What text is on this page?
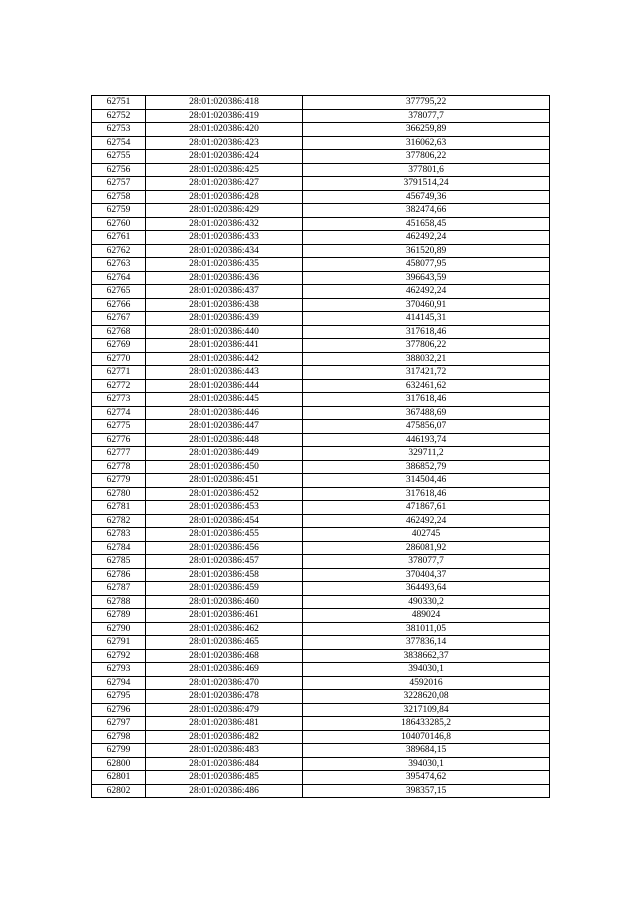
62751	28:01:020386:418	377795,22
62752	28:01:020386:419	378077,7
62753	28:01:020386:420	366259,89
62754	28:01:020386:423	316062,63
62755	28:01:020386:424	377806,22
62756	28:01:020386:425	377801,6
62757	28:01:020386:427	3791514,24
62758	28:01:020386:428	456749,36
62759	28:01:020386:429	382474,66
62760	28:01:020386:432	451658,45
62761	28:01:020386:433	462492,24
62762	28:01:020386:434	361520,89
62763	28:01:020386:435	458077,95
62764	28:01:020386:436	396643,59
62765	28:01:020386:437	462492,24
62766	28:01:020386:438	370460,91
62767	28:01:020386:439	414145,31
62768	28:01:020386:440	317618,46
62769	28:01:020386:441	377806,22
62770	28:01:020386:442	388032,21
62771	28:01:020386:443	317421,72
62772	28:01:020386:444	632461,62
62773	28:01:020386:445	317618,46
62774	28:01:020386:446	367488,69
62775	28:01:020386:447	475856,07
62776	28:01:020386:448	446193,74
62777	28:01:020386:449	329711,2
62778	28:01:020386:450	386852,79
62779	28:01:020386:451	314504,46
62780	28:01:020386:452	317618,46
62781	28:01:020386:453	471867,61
62782	28:01:020386:454	462492,24
62783	28:01:020386:455	402745
62784	28:01:020386:456	286081,92
62785	28:01:020386:457	378077,7
62786	28:01:020386:458	370404,37
62787	28:01:020386:459	364493,64
62788	28:01:020386:460	490330,2
62789	28:01:020386:461	489024
62790	28:01:020386:462	381011,05
62791	28:01:020386:465	377836,14
62792	28:01:020386:468	3838662,37
62793	28:01:020386:469	394030,1
62794	28:01:020386:470	4592016
62795	28:01:020386:478	3228620,08
62796	28:01:020386:479	3217109,84
62797	28:01:020386:481	186433285,2
62798	28:01:020386:482	104070146,8
62799	28:01:020386:483	389684,15
62800	28:01:020386:484	394030,1
62801	28:01:020386:485	395474,62
62802	28:01:020386:486	398357,15
